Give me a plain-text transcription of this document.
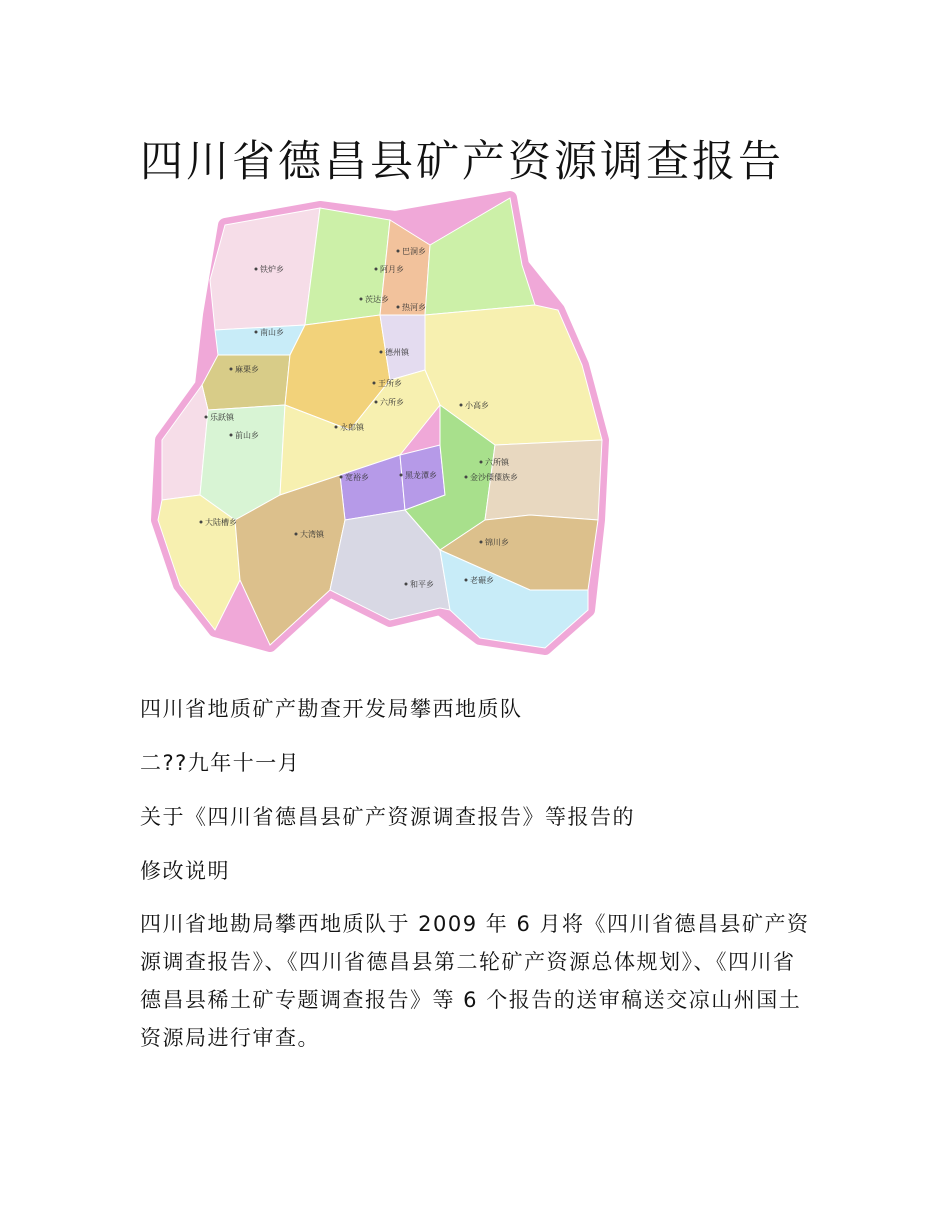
四川省德昌县矿产资源调查报告
铁炉乡	阿月乡
巴洞乡
茨达乡
南山乡
热河乡
德州镇
王所乡
六所乡	小高乡
麻栗乡
乐跃镇
前山乡
黑龙潭乡	金沙傈僳族乡
永郎镇
六所镇
宽裕乡
大湾镇
锦川乡
老碾乡
大陆槽乡
和平乡
四川省地质矿产勘查开发局攀西地质队
二??九年十一月
关于《四川省德昌县矿产资源调查报告》等报告的
修改说明

四川省地勘局攀西地质队于 2009 年 6 月将《四川省德昌县矿产资源调查报告》、《四川省德昌县第二轮矿产资源总体规划》、《四川省德昌县稀土矿专题调查报告》等 6 个报告的送审稿送交凉山州国土资源局进行审查。
